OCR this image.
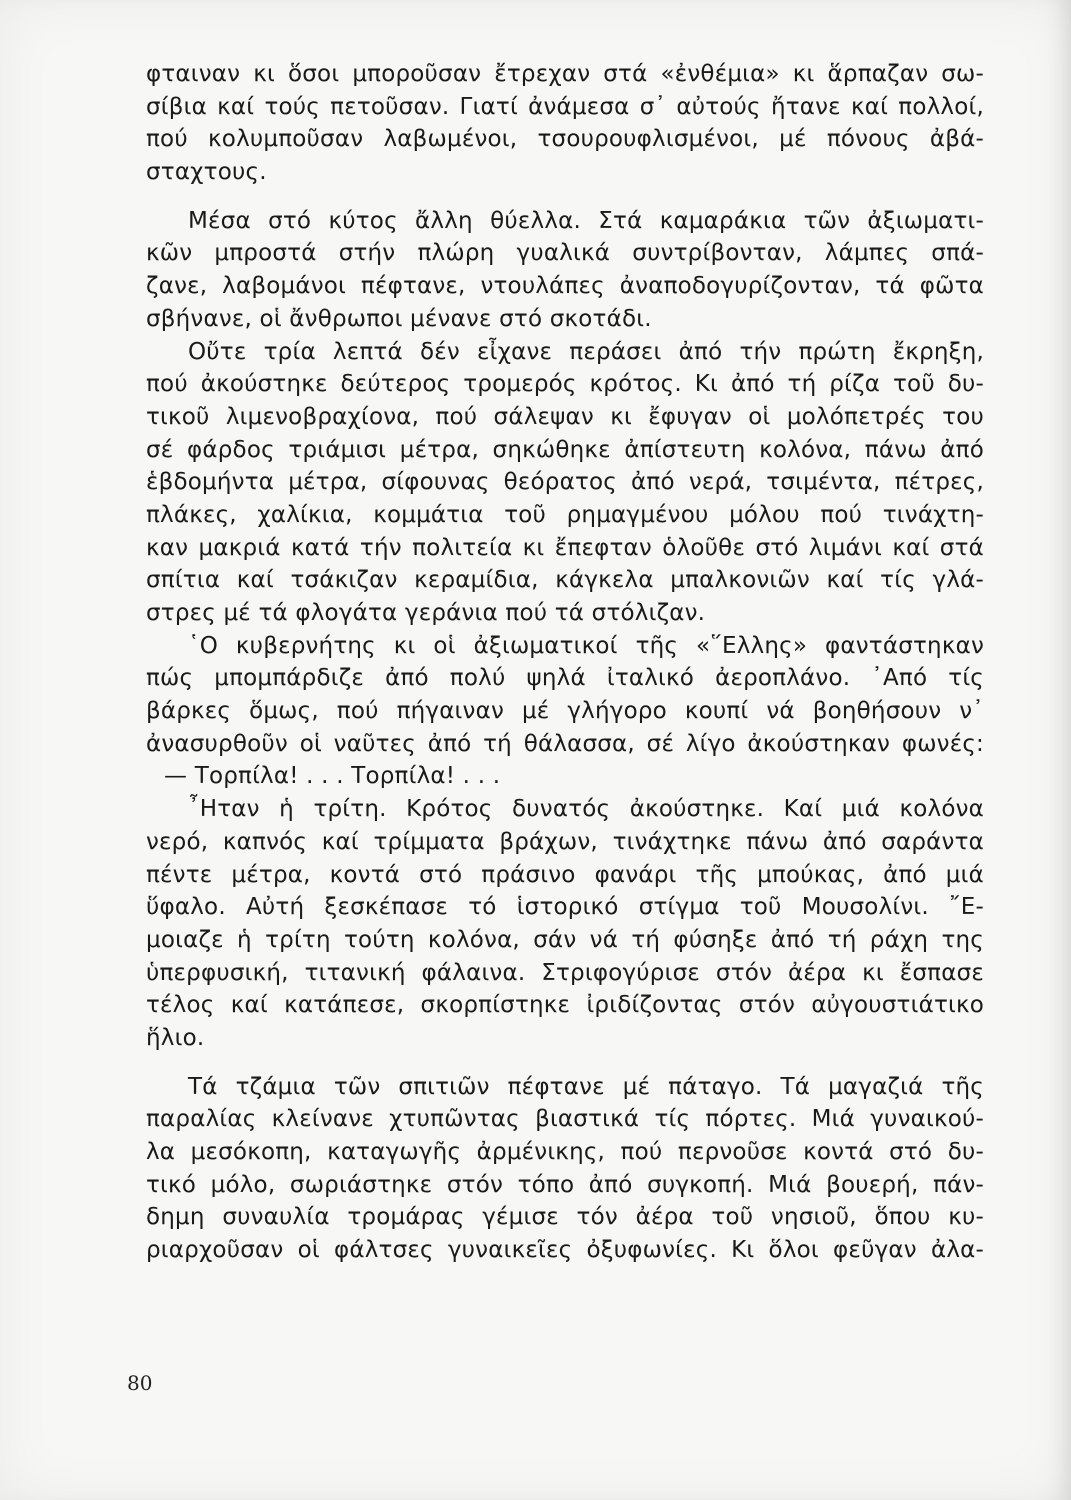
φταιναν κι ὅσοι μποροῦσαν ἔτρεχαν στά «ἐνθέμια» κι ἅρπαζαν σω-
σίβια καί τούς πετοῦσαν. Γιατί ἀνάμεσα σ᾽ αὐτούς ἤτανε καί πολλοί,
πού κολυμποῦσαν λαβωμένοι, τσουρουφλισμένοι, μέ πόνους ἀβά-
σταχτους.
Μέσα στό κύτος ἄλλη θύελλα. Στά καμαράκια τῶν ἀξιωματι-
κῶν μπροστά στήν πλώρη γυαλικά συντρίβονταν, λάμπες σπά-
ζανε, λαβομάνοι πέφτανε, ντουλάπες ἀναποδογυρίζονταν, τά φῶτα
σβήνανε, οἱ ἄνθρωποι μένανε στό σκοτάδι.
Οὔτε τρία λεπτά δέν εἶχανε περάσει ἀπό τήν πρώτη ἔκρηξη,
πού ἀκούστηκε δεύτερος τρομερός κρότος. Κι ἀπό τή ρίζα τοῦ δυ-
τικοῦ λιμενοβραχίονα, πού σάλεψαν κι ἔφυγαν οἱ μολόπετρές του
σέ φάρδος τριάμισι μέτρα, σηκώθηκε ἀπίστευτη κολόνα, πάνω ἀπό
ἑβδομήντα μέτρα, σίφουνας θεόρατος ἀπό νερά, τσιμέντα, πέτρες,
πλάκες, χαλίκια, κομμάτια τοῦ ρημαγμένου μόλου πού τινάχτη-
καν μακριά κατά τήν πολιτεία κι ἔπεφταν ὁλοῦθε στό λιμάνι καί στά
σπίτια καί τσάκιζαν κεραμίδια, κάγκελα μπαλκονιῶν καί τίς γλά-
στρες μέ τά φλογάτα γεράνια πού τά στόλιζαν.
῾Ο κυβερνήτης κι οἱ ἀξιωματικοί τῆς «῞Ελλης» φαντάστηκαν
πώς μπομπάρδιζε ἀπό πολύ ψηλά ἰταλικό ἀεροπλάνο. ᾽Από τίς
βάρκες ὅμως, πού πήγαιναν μέ γλήγορο κουπί νά βοηθήσουν ν᾽
ἀνασυρθοῦν οἱ ναῦτες ἀπό τή θάλασσα, σέ λίγο ἀκούστηκαν φωνές:
— Τορπίλα! . . . Τορπίλα! . . .
῏Ηταν ἡ τρίτη. Κρότος δυνατός ἀκούστηκε. Καί μιά κολόνα
νερό, καπνός καί τρίμματα βράχων, τινάχτηκε πάνω ἀπό σαράντα
πέντε μέτρα, κοντά στό πράσινο φανάρι τῆς μπούκας, ἀπό μιά
ὕφαλο. Αὐτή ξεσκέπασε τό ἱστορικό στίγμα τοῦ Μουσολίνι. ῎Ε-
μοιαζε ἡ τρίτη τούτη κολόνα, σάν νά τή φύσηξε ἀπό τή ράχη της
ὑπερφυσική, τιτανική φάλαινα. Στριφογύρισε στόν ἀέρα κι ἔσπασε
τέλος καί κατάπεσε, σκορπίστηκε ἰριδίζοντας στόν αὐγουστιάτικο
ἥλιο.
Τά τζάμια τῶν σπιτιῶν πέφτανε μέ πάταγο. Τά μαγαζιά τῆς
παραλίας κλείνανε χτυπῶντας βιαστικά τίς πόρτες. Μιά γυναικού-
λα μεσόκοπη, καταγωγῆς ἀρμένικης, πού περνοῦσε κοντά στό δυ-
τικό μόλο, σωριάστηκε στόν τόπο ἀπό συγκοπή. Μιά βουερή, πάν-
δημη συναυλία τρομάρας γέμισε τόν ἀέρα τοῦ νησιοῦ, ὅπου κυ-
ριαρχοῦσαν οἱ φάλτσες γυναικεῖες ὀξυφωνίες. Κι ὅλοι φεῦγαν ἀλα-
80
